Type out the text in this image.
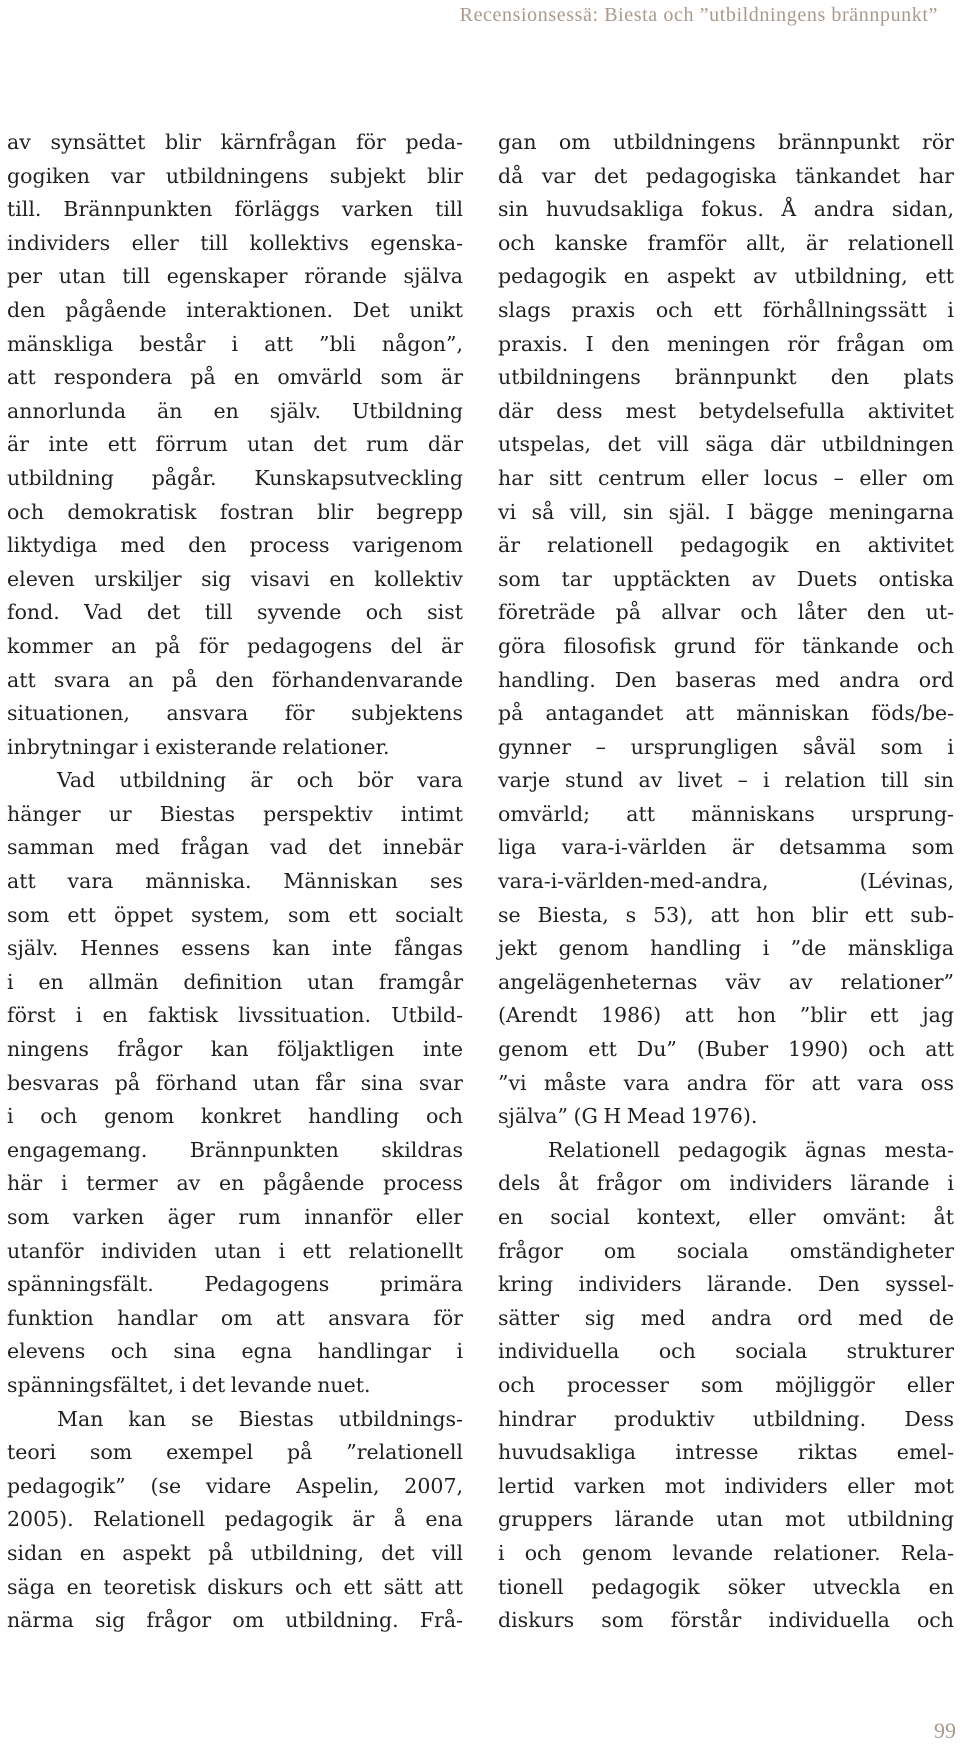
Recensionsessä: Biesta och ”utbildningens brännpunkt”
av synsättet blir kärnfrågan för peda-
gogiken var utbildningens subjekt blir
till. Brännpunkten förläggs varken till
individers eller till kollektivs egenska-
per utan till egenskaper rörande själva
den pågående interaktionen. Det unikt
mänskliga består i att ”bli någon”,
att respondera på en omvärld som är
annorlunda än en själv. Utbildning
är inte ett förrum utan det rum där
utbildning pågår. Kunskapsutveckling
och demokratisk fostran blir begrepp
liktydiga med den process varigenom
eleven urskiljer sig visavi en kollektiv
fond. Vad det till syvende och sist
kommer an på för pedagogens del är
att svara an på den förhandenvarande
situationen, ansvara för subjektens
inbrytningar i existerande relationer.
Vad utbildning är och bör vara
hänger ur Biestas perspektiv intimt
samman med frågan vad det innebär
att vara människa. Människan ses
som ett öppet system, som ett socialt
själv. Hennes essens kan inte fångas
i en allmän definition utan framgår
först i en faktisk livssituation. Utbild-
ningens frågor kan följaktligen inte
besvaras på förhand utan får sina svar
i och genom konkret handling och
engagemang. Brännpunkten skildras
här i termer av en pågående process
som varken äger rum innanför eller
utanför individen utan i ett relationellt
spänningsfält. Pedagogens primära
funktion handlar om att ansvara för
elevens och sina egna handlingar i
spänningsfältet, i det levande nuet.
Man kan se Biestas utbildnings-
teori som exempel på ”relationell
pedagogik” (se vidare Aspelin, 2007,
2005). Relationell pedagogik är å ena
sidan en aspekt på utbildning, det vill
säga en teoretisk diskurs och ett sätt att
närma sig frågor om utbildning. Frå-
gan om utbildningens brännpunkt rör
då var det pedagogiska tänkandet har
sin huvudsakliga fokus. Å andra sidan,
och kanske framför allt, är relationell
pedagogik en aspekt av utbildning, ett
slags praxis och ett förhållningssätt i
praxis. I den meningen rör frågan om
utbildningens brännpunkt den plats
där dess mest betydelsefulla aktivitet
utspelas, det vill säga där utbildningen
har sitt centrum eller locus – eller om
vi så vill, sin själ. I bägge meningarna
är relationell pedagogik en aktivitet
som tar upptäckten av Duets ontiska
företräde på allvar och låter den ut-
göra filosofisk grund för tänkande och
handling. Den baseras med andra ord
på antagandet att människan föds/be-
gynner – ursprungligen såväl som i
varje stund av livet – i relation till sin
omvärld; att människans ursprung-
liga vara-i-världen är detsamma som
vara-i-världen-med-andra, (Lévinas,
se Biesta, s 53), att hon blir ett sub-
jekt genom handling i ”de mänskliga
angelägenheternas väv av relationer”
(Arendt 1986) att hon ”blir ett jag
genom ett Du” (Buber 1990) och att
”vi måste vara andra för att vara oss
själva” (G H Mead 1976).
Relationell pedagogik ägnas mesta-
dels åt frågor om individers lärande i
en social kontext, eller omvänt: åt
frågor om sociala omständigheter
kring individers lärande. Den syssel-
sätter sig med andra ord med de
individuella och sociala strukturer
och processer som möjliggör eller
hindrar produktiv utbildning. Dess
huvudsakliga intresse riktas emel-
lertid varken mot individers eller mot
gruppers lärande utan mot utbildning
i och genom levande relationer. Rela-
tionell pedagogik söker utveckla en
diskurs som förstår individuella och
99
